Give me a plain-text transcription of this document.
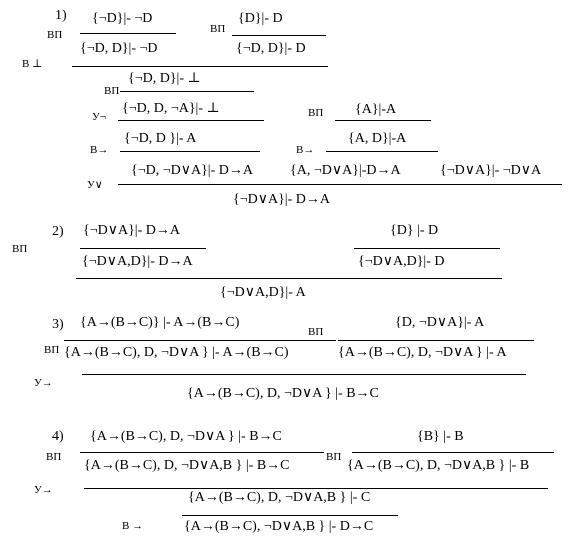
1)
ВП
{¬D}|- ¬D
{¬D, D}|- ¬D
ВП
{D}|- D
{¬D, D}|- D
В ⊥
ВП
{¬D, D}|- ⊥
У¬
{¬D, D, ¬A}|- ⊥	ВП {A}|-A
В→
{¬D, D }|- A
В→
{A, D}|-A
У∨
{¬D, ¬D∨A}|- D→A	{A, ¬D∨A}|-D→A	{¬D∨A}|- ¬D∨A
{¬D∨A}|- D→A
2)
ВП
{¬D∨A}|- D→A
{¬D∨A,D}|- D→A
{D} |- D
{¬D∨A,D}|- D
{¬D∨A,D}|- A
3) {A→(B→C)} |- A→(B→C)
ВП {A→(B→C), D, ¬D∨A } |- A→(B→C)
ВП
{D, ¬D∨A}|- A
{A→(B→C), D, ¬D∨A } |- A
У→
{A→(B→C), D, ¬D∨A } |- B→C
4) {A→(B→C), D, ¬D∨A } |- B→C
ВП
{A→(B→C), D, ¬D∨A,B } |- B→C
ВП
{B} |- B
{A→(B→C), D, ¬D∨A,B } |- B
У→	{A→(B→C), D, ¬D∨A,B } |- C
В →	{A→(B→C), ¬D∨A,B } |- D→C
